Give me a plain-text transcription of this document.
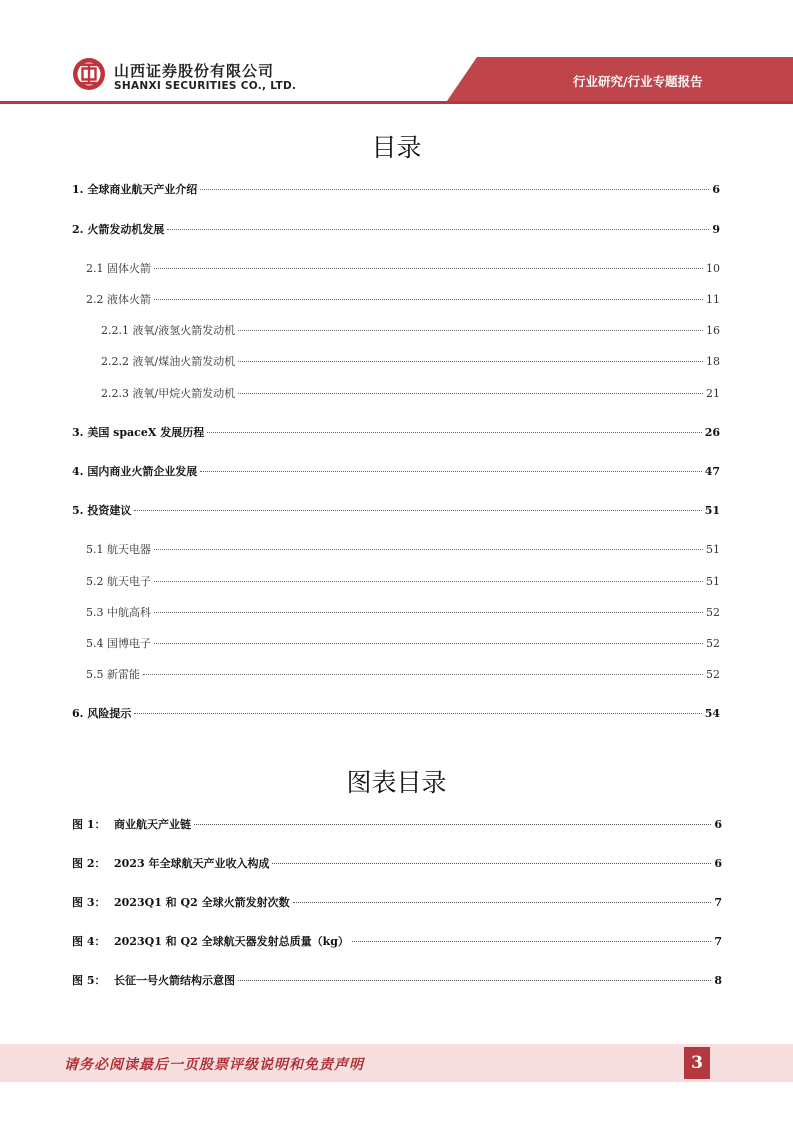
山西证券股份有限公司
SHANXI SECURITIES CO., LTD.	行业研究/行业专题报告
目录
1. 全球商业航天产业介绍	6
2. 火箭发动机发展	9
2.1 固体火箭	10
2.2 液体火箭	11
2.2.1 液氧/液氢火箭发动机	16
2.2.2 液氧/煤油火箭发动机	18
2.2.3 液氧/甲烷火箭发动机	21
3. 美国 spaceX 发展历程	26
4. 国内商业火箭企业发展	47
5. 投资建议	51
5.1 航天电器	51
5.2 航天电子	51
5.3 中航高科	52
5.4 国博电子	52
5.5 新雷能	52
6. 风险提示	54
图表目录
图 1： 商业航天产业链	6
图 2： 2023 年全球航天产业收入构成	6
图 3： 2023Q1 和 Q2 全球火箭发射次数	7
图 4： 2023Q1 和 Q2 全球航天器发射总质量（kg）	7
图 5： 长征一号火箭结构示意图	8
请务必阅读最后一页股票评级说明和免责声明	3
